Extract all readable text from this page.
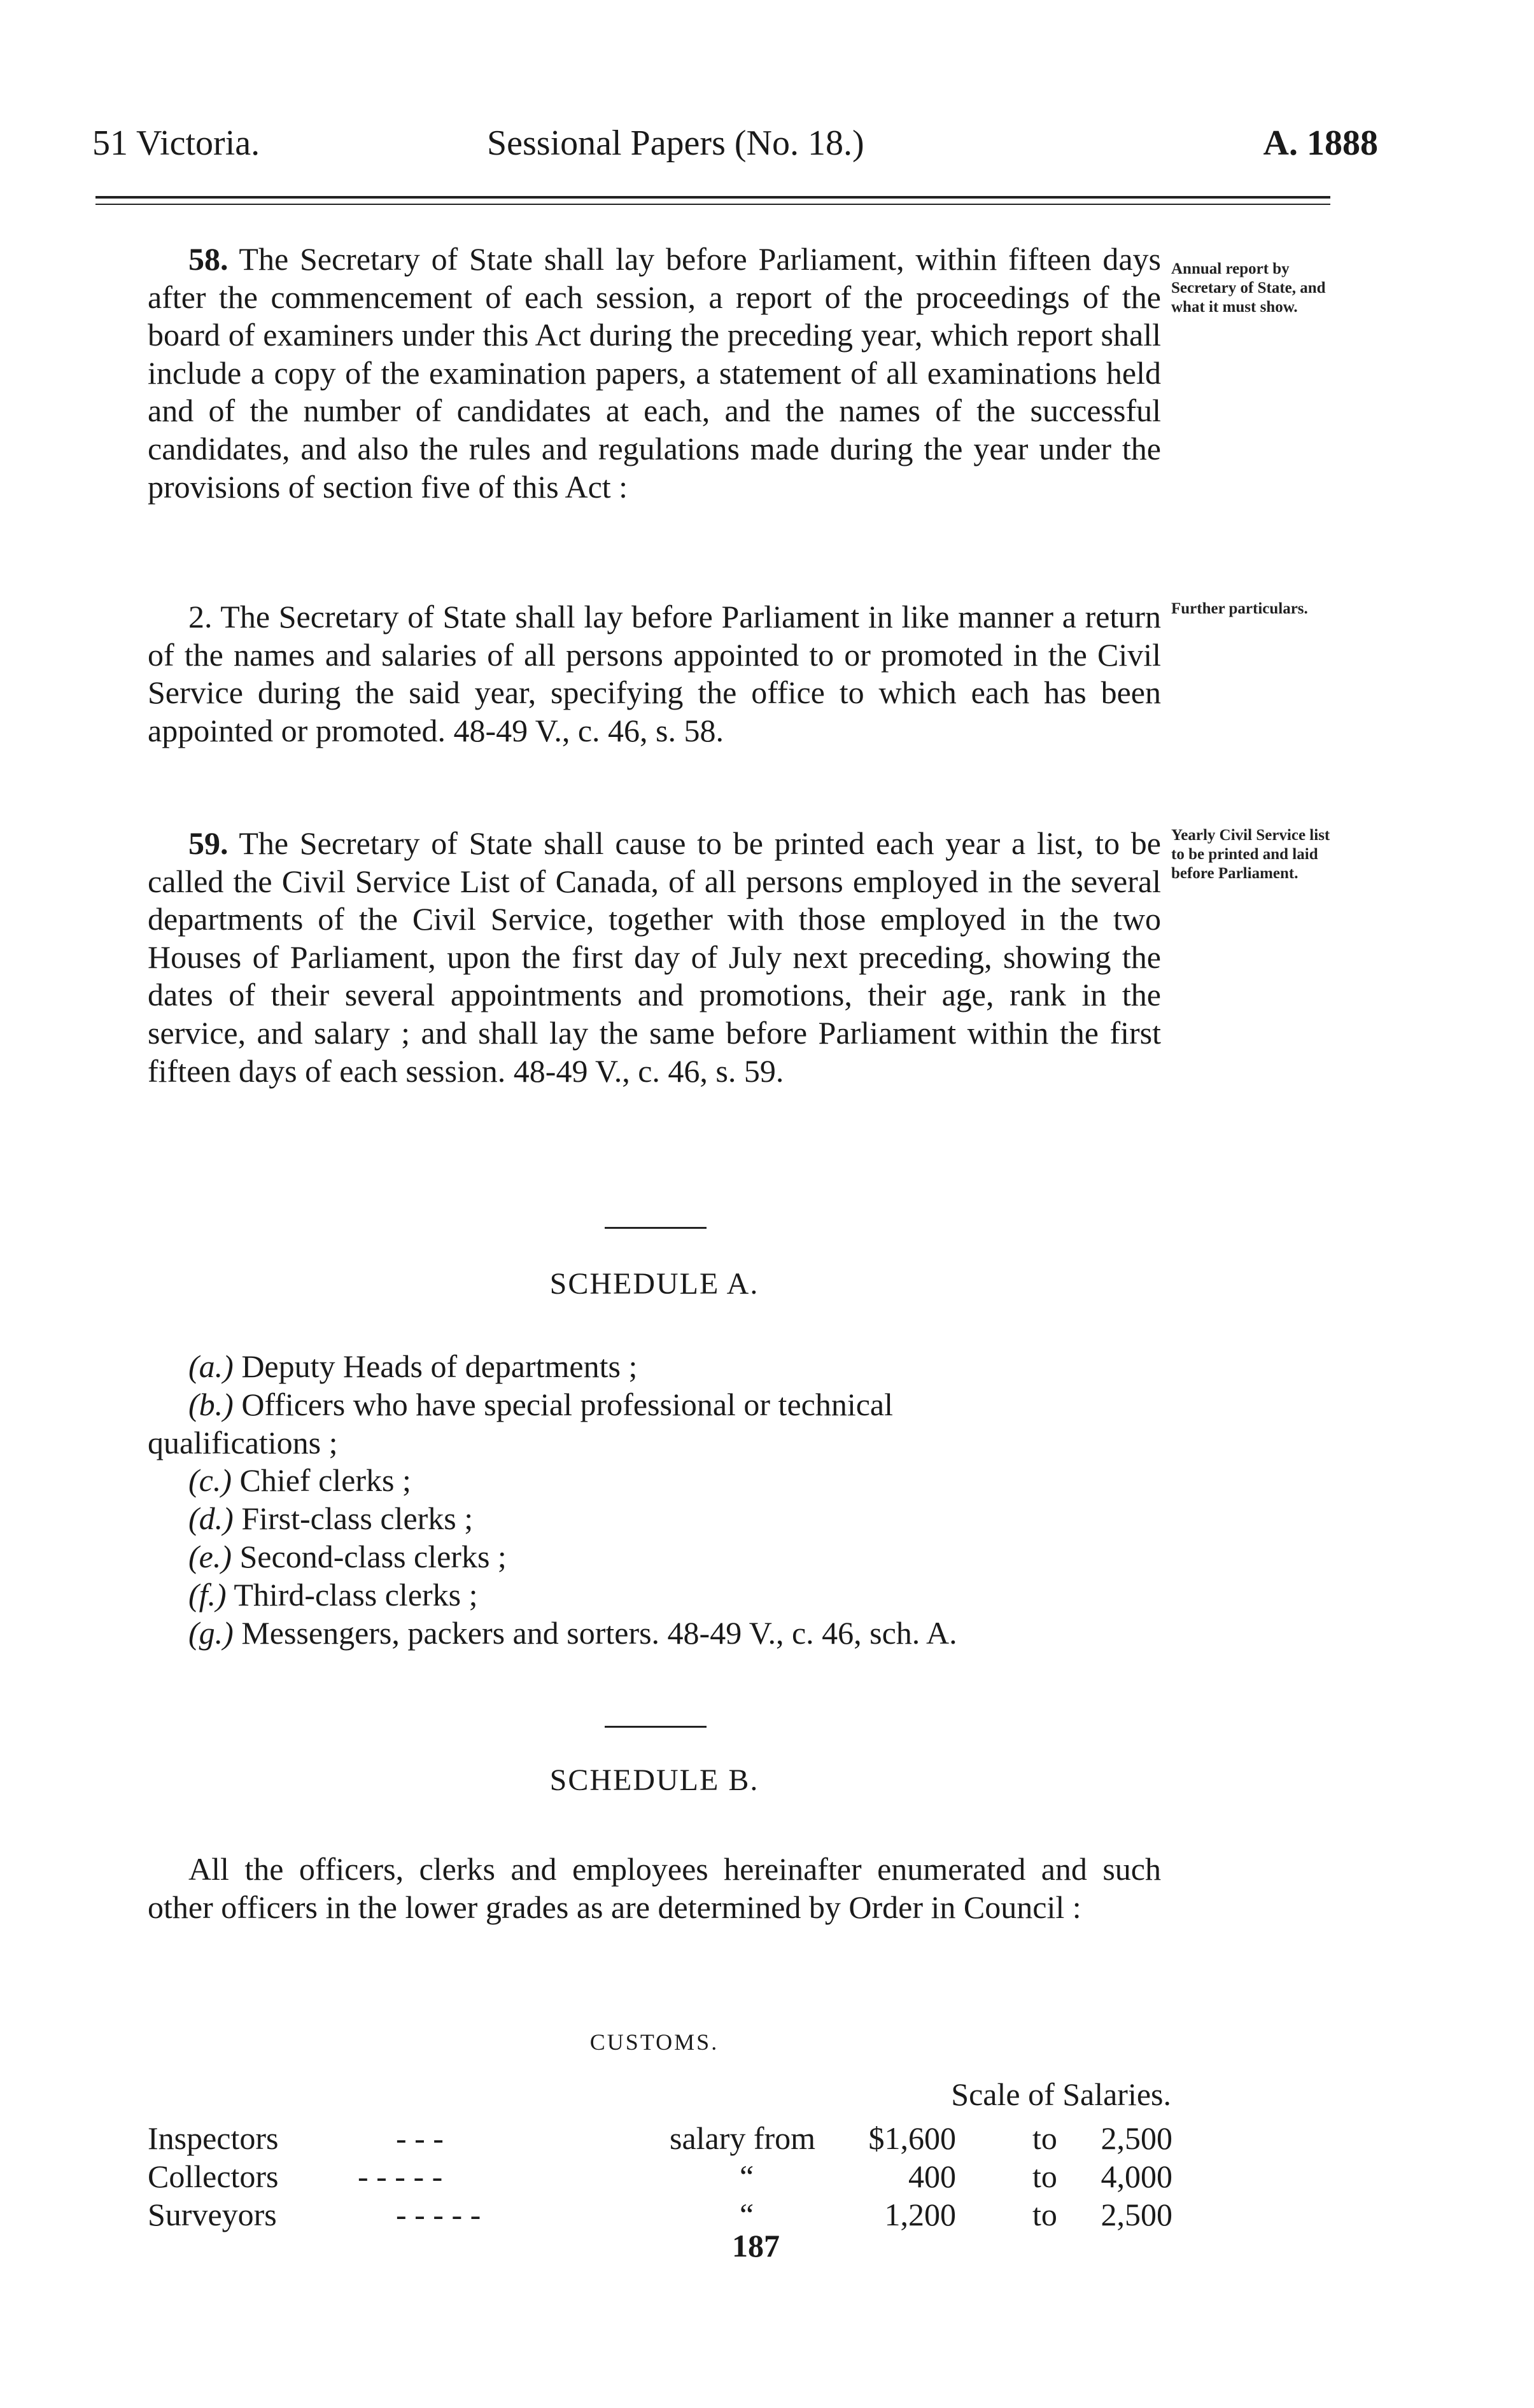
51 Victoria.	Sessional Papers (No. 18.)	A. 1888
58. The Secretary of State shall lay before Parliament, within fifteen days after the commencement of each session, a report of the proceedings of the board of examiners under this Act during the preceding year, which report shall include a copy of the examination papers, a statement of all examinations held and of the number of candidates at each, and the names of the successful candidates, and also the rules and regulations made during the year under the provisions of section five of this Act :
Annual report by Secretary of State, and what it must show.
2. The Secretary of State shall lay before Parliament in like manner a return of the names and salaries of all persons appointed to or promoted in the Civil Service during the said year, specifying the office to which each has been appointed or promoted. 48-49 V., c. 46, s. 58.
Further particulars.
59. The Secretary of State shall cause to be printed each year a list, to be called the Civil Service List of Canada, of all persons employed in the several departments of the Civil Service, together with those employed in the two Houses of Parliament, upon the first day of July next preceding, showing the dates of their several appointments and promotions, their age, rank in the service, and salary ; and shall lay the same before Parliament within the first fifteen days of each session. 48-49 V., c. 46, s. 59.
Yearly Civil Service list to be printed and laid before Parliament.
SCHEDULE A.
(a.) Deputy Heads of departments ;
(b.) Officers who have special professional or technical
qualifications ;
(c.) Chief clerks ;
(d.) First-class clerks ;
(e.) Second-class clerks ;
(f.) Third-class clerks ;
(g.) Messengers, packers and sorters. 48-49 V., c. 46, sch. A.
SCHEDULE B.
All the officers, clerks and employees hereinafter enumerated and such other officers in the lower grades as are determined by Order in Council :
CUSTOMS.
Scale of Salaries.
Inspectors	- - -	salary from $1,600 to 2,500
Collectors - - - - -	“	400 to 4,000
Surveyors	- - - - -	“	1,200 to 2,500
187
